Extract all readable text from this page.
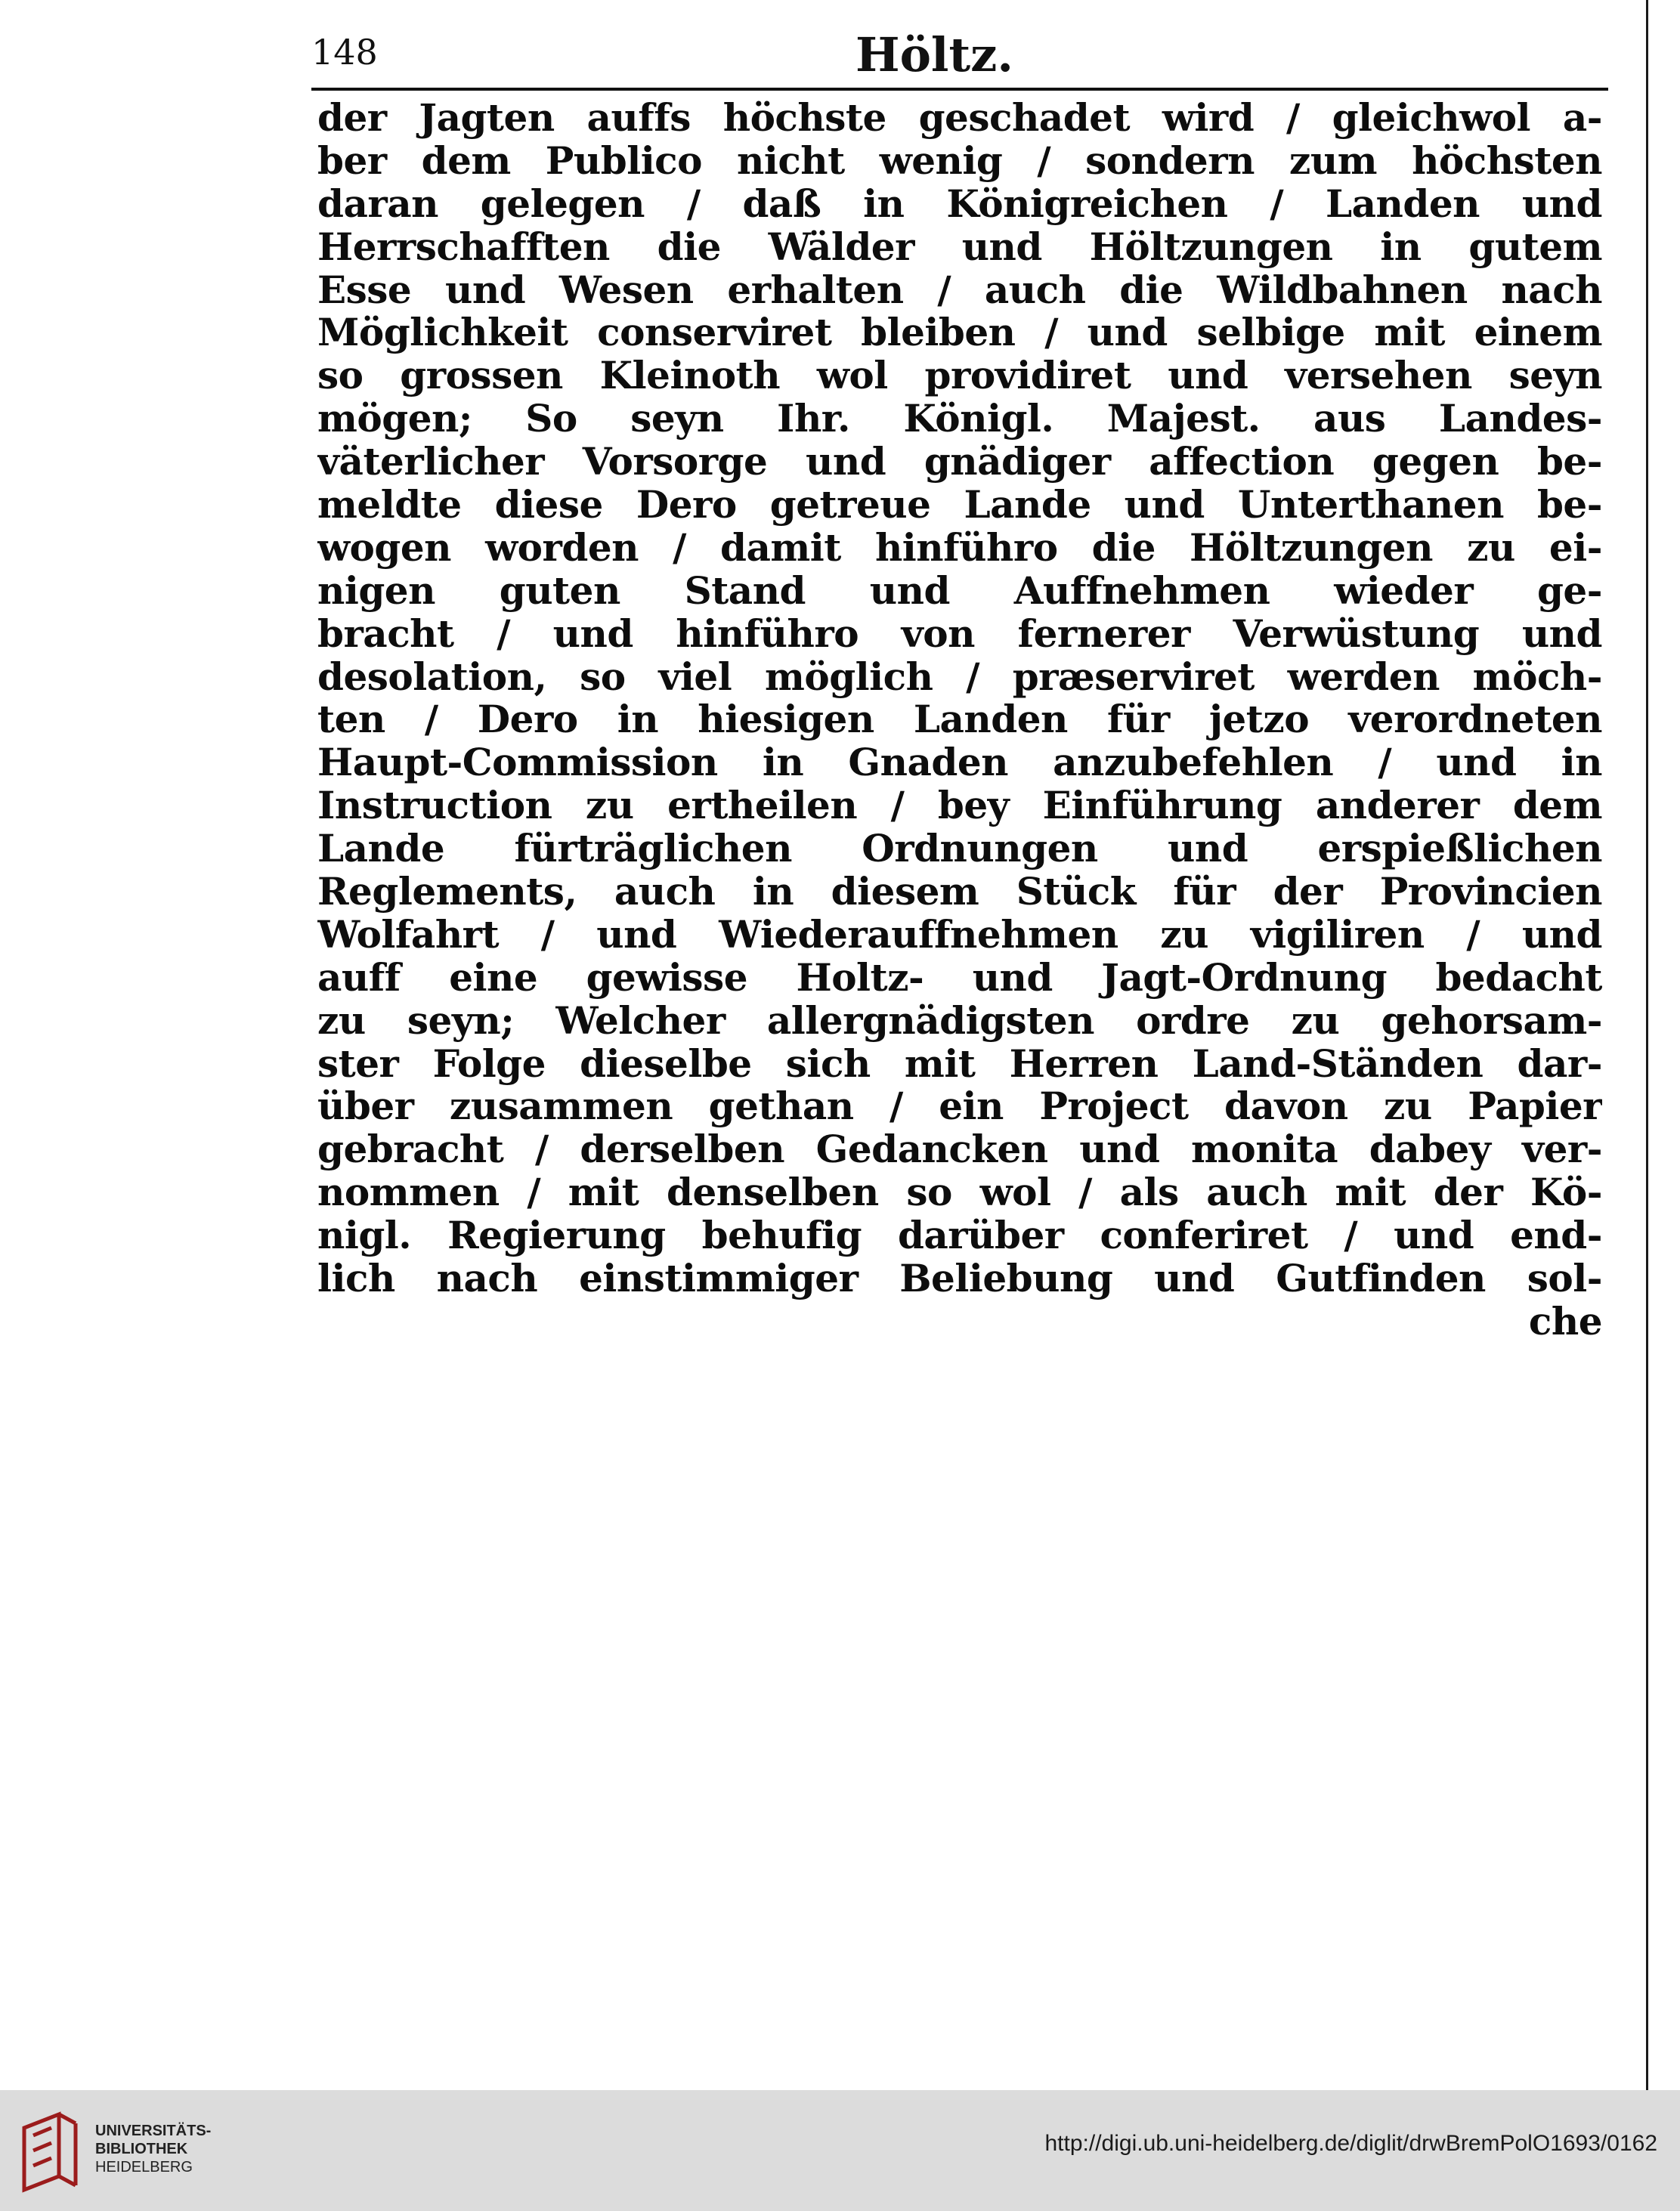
148	Höltz.
der Jagten auffs höchste geschadet wird / gleichwol a-
ber dem Publico nicht wenig / sondern zum höchsten
daran gelegen / daß in Königreichen / Landen und
Herrschafften die Wälder und Höltzungen in gutem
Esse und Wesen erhalten / auch die Wildbahnen nach
Möglichkeit conserviret bleiben / und selbige mit einem
so grossen Kleinoth wol providiret und versehen seyn
mögen; So seyn Ihr. Königl. Majest. aus Landes-
väterlicher Vorsorge und gnädiger affection gegen be-
meldte diese Dero getreue Lande und Unterthanen be-
wogen worden / damit hinführo die Höltzungen zu ei-
nigen guten Stand und Auffnehmen wieder ge-
bracht / und hinführo von fernerer Verwüstung und
desolation, so viel möglich / præserviret werden möch-
ten / Dero in hiesigen Landen für jetzo verordneten
Haupt-Commission in Gnaden anzubefehlen / und in
Instruction zu ertheilen / bey Einführung anderer dem
Lande fürträglichen Ordnungen und erspießlichen
Reglements, auch in diesem Stück für der Provincien
Wolfahrt / und Wiederauffnehmen zu vigiliren / und
auff eine gewisse Holtz- und Jagt-Ordnung bedacht
zu seyn; Welcher allergnädigsten ordre zu gehorsam-
ster Folge dieselbe sich mit Herren Land-Ständen dar-
über zusammen gethan / ein Project davon zu Papier
gebracht / derselben Gedancken und monita dabey ver-
nommen / mit denselben so wol / als auch mit der Kö-
nigl. Regierung behufig darüber conferiret / und end-
lich nach einstimmiger Beliebung und Gutfinden sol-
che
UNIVERSITÄTS-
BIBLIOTHEK
HEIDELBERG
http://digi.ub.uni-heidelberg.de/diglit/drwBremPolO1693/0162
